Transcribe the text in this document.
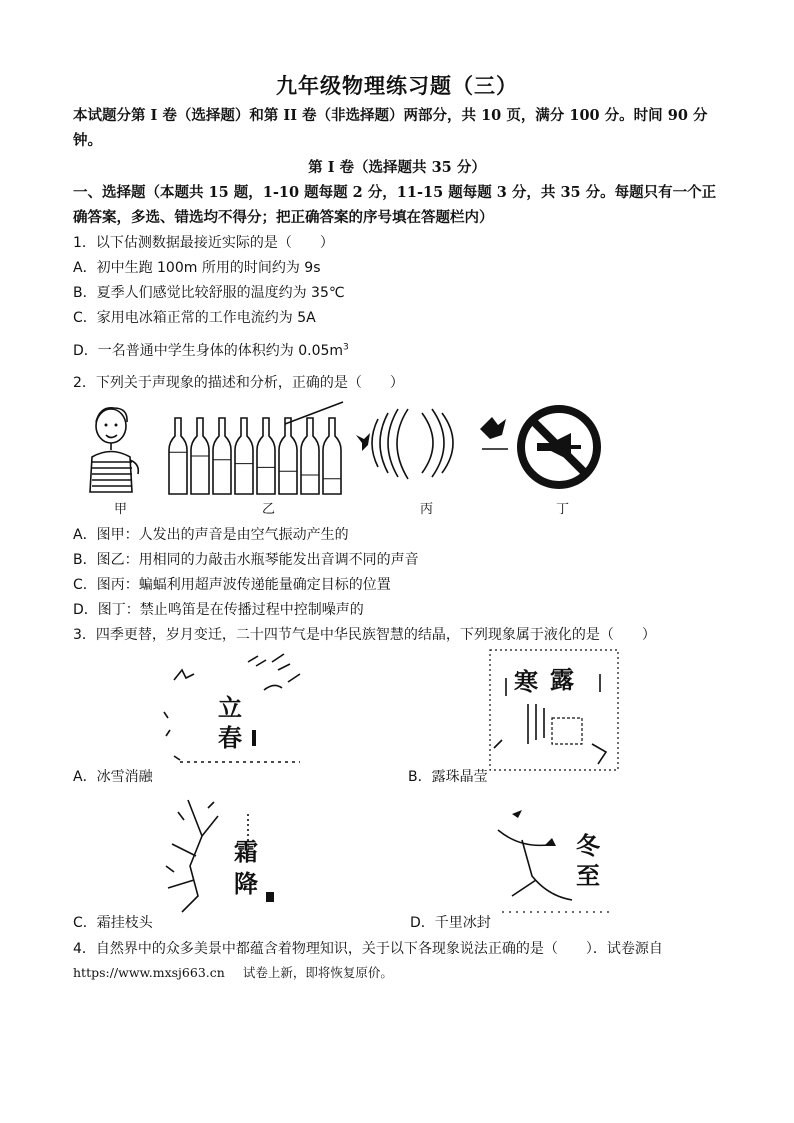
九年级物理练习题（三）
本试题分第 I 卷（选择题）和第 II 卷（非选择题）两部分，共 10 页，满分 100 分。时间 90 分钟。
第 I 卷（选择题共 35 分）
一、选择题（本题共 15 题，1-10 题每题 2 分，11-15 题每题 3 分，共 35 分。每题只有一个正确答案，多选、错选均不得分；把正确答案的序号填在答题栏内）
1．以下估测数据最接近实际的是（ ）
A．初中生跑 100m 所用的时间约为 9s
B．夏季人们感觉比较舒服的温度约为 35℃
C．家用电冰箱正常的工作电流约为 5A
D．一名普通中学生身体的体积约为 $0.05m^3$
2．下列关于声现象的描述和分析，正确的是（ ）
甲	乙	丙	丁
A．图甲：人发出的声音是由空气振动产生的
B．图乙：用相同的力敲击水瓶琴能发出音调不同的声音
C．图丙：蝙蝠利用超声波传递能量确定目标的位置
D．图丁：禁止鸣笛是在传播过程中控制噪声的
3．四季更替，岁月变迁，二十四节气是中华民族智慧的结晶，下列现象属于液化的是（ ）
立
春
A．冰雪消融
寒 露
B．露珠晶莹
霜
降
C．霜挂枝头
冬
至
D．千里冰封
4．自然界中的众多美景中都蕴含着物理知识，关于以下各现象说法正确的是（ ）．试卷源自
https://www.mxsj663.cn 试卷上新，即将恢复原价。
